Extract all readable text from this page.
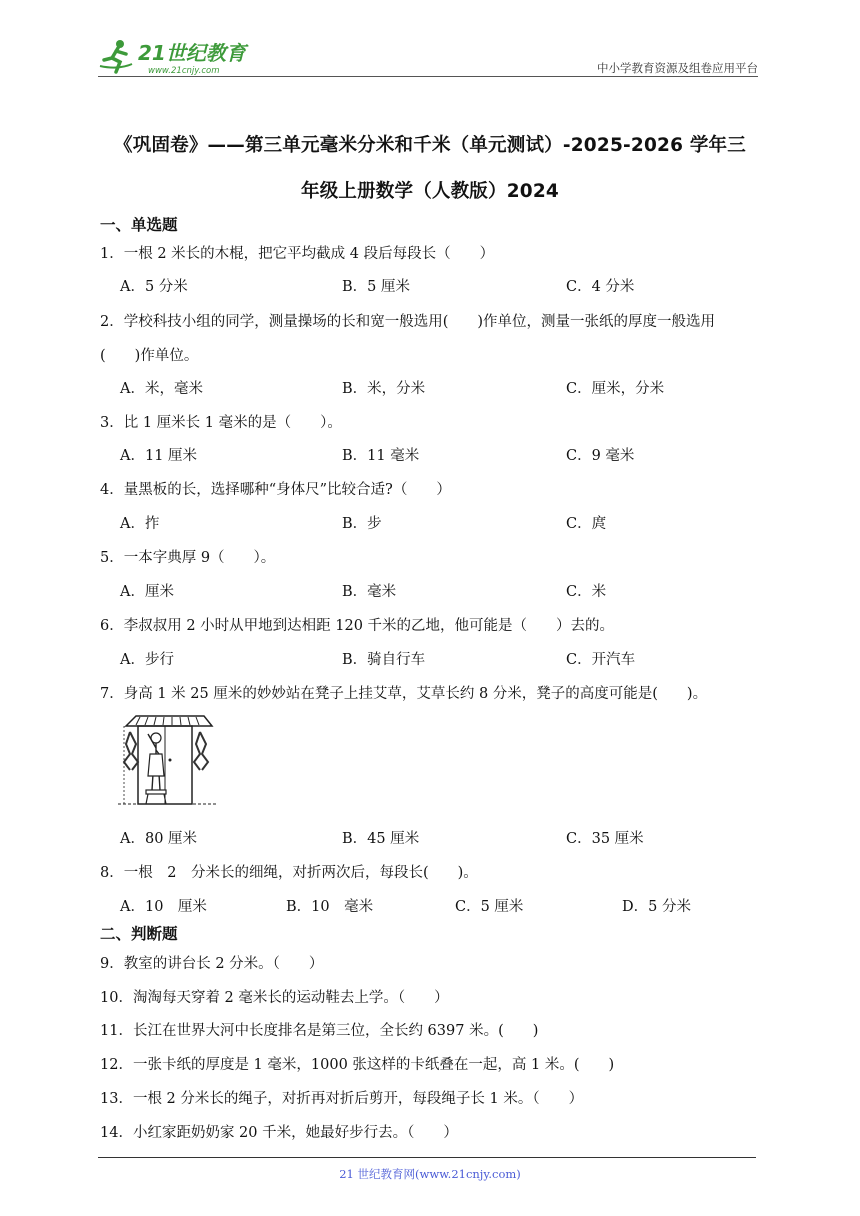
21世纪教育
www.21cnjy.com	中小学教育资源及组卷应用平台
《巩固卷》——第三单元毫米分米和千米（单元测试）-2025-2026 学年三
年级上册数学（人教版）2024
一、单选题
1．一根 2 米长的木棍，把它平均截成 4 段后每段长（　　）
A．5 分米	B．5 厘米	C．4 分米
2．学校科技小组的同学，测量操场的长和宽一般选用(　　)作单位，测量一张纸的厚度一般选用
(　　)作单位。
A．米，毫米	B．米，分米	C．厘米，分米
3．比 1 厘米长 1 毫米的是（　　）。
A．11 厘米	B．11 毫米	C．9 毫米
4．量黑板的长，选择哪种“身体尺”比较合适?（　　）
A．拃	B．步	C．庹
5．一本字典厚 9（　　）。
A．厘米	B．毫米	C．米
6．李叔叔用 2 小时从甲地到达相距 120 千米的乙地，他可能是（　　）去的。
A．步行	B．骑自行车	C．开汽车
7．身高 1 米 25 厘米的妙妙站在凳子上挂艾草，艾草长约 8 分米，凳子的高度可能是(　　)。
A．80 厘米	B．45 厘米	C．35 厘米
8．一根　2　分米长的细绳，对折两次后，每段长(　　)。
A．10　厘米	B．10　毫米	C．5 厘米	D．5 分米
二、判断题
9．教室的讲台长 2 分米。（　　）
10．淘淘每天穿着 2 毫米长的运动鞋去上学。（　　）
11．长江在世界大河中长度排名是第三位，全长约 6397 米。(　　)
12．一张卡纸的厚度是 1 毫米，1000 张这样的卡纸叠在一起，高 1 米。(　　)
13．一根 2 分米长的绳子，对折再对折后剪开，每段绳子长 1 米。（　　）
14．小红家距奶奶家 20 千米，她最好步行去。（　　）
21 世纪教育网(www.21cnjy.com)
